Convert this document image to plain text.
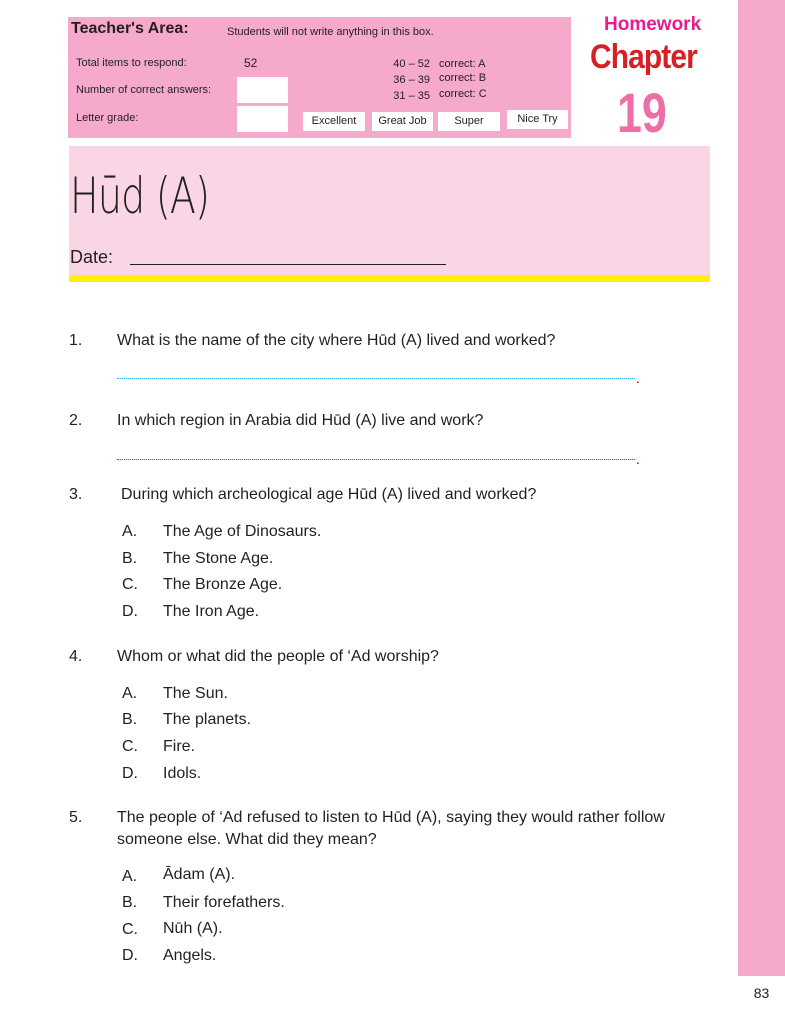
83
Teacher's Area:	Students will not write anything in this box.
Total items to respond:	52
Number of correct answers:
Letter grade:
40 – 52 correct: A
36 – 39 correct: B
31 – 35 correct: C
Excellent	Great Job	Super	Nice Try
Homework
Chapter
19
Hūd (A)
Date:
1. What is the name of the city where Hūd (A) lived and worked?
.
2. In which region in Arabia did Hūd (A) live and work?
.
3. During which archeological age Hūd (A) lived and worked?
A. The Age of Dinosaurs.
B. The Stone Age.
C. The Bronze Age.
D. The Iron Age.
4. Whom or what did the people of ‘Ad worship?
A. The Sun.
B. The planets.
C. Fire.
D. Idols.
5. The people of ‘Ad refused to listen to Hūd (A), saying they would rather follow someone else. What did they mean?
A. Ādam (A).
B. Their forefathers.
C. Nūh (A).
D. Angels.
